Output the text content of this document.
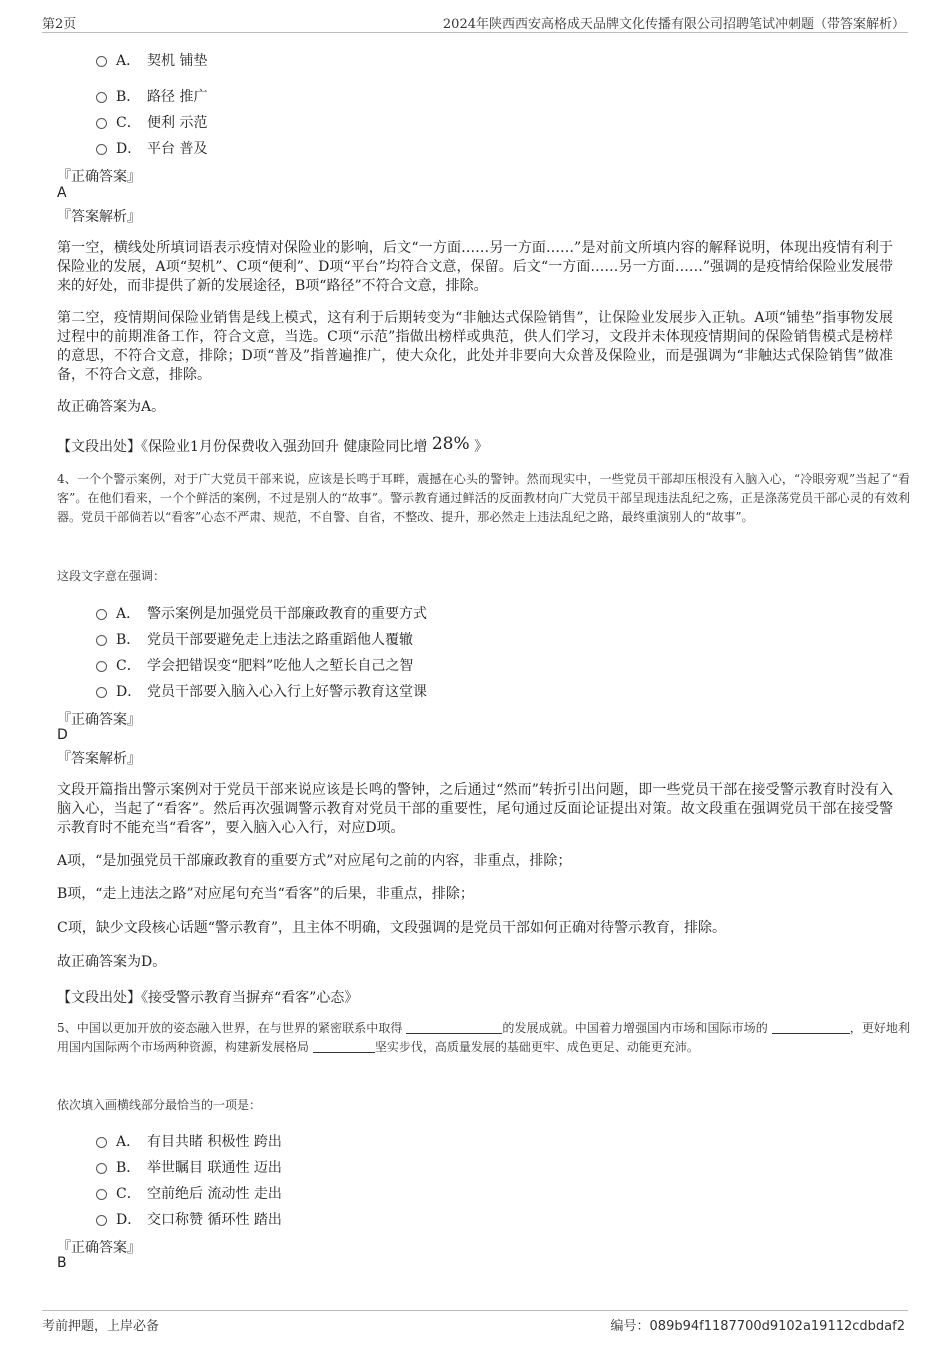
第2页	2024年陕西西安高格成天品牌文化传播有限公司招聘笔试冲刺题（带答案解析）
A． 契机 铺垫
B． 路径 推广
C． 便利 示范
D． 平台 普及
『正确答案』
A
『答案解析』
第一空，横线处所填词语表示疫情对保险业的影响，后文“一方面……另一方面……”是对前文所填内容的解释说明，体现出疫情有利于保险业的发展，A项“契机”、C项“便利”、D项“平台”均符合文意，保留。后文“一方面……另一方面……”强调的是疫情给保险业发展带来的好处，而非提供了新的发展途径，B项“路径”不符合文意，排除。
第二空，疫情期间保险业销售是线上模式，这有利于后期转变为“非触达式保险销售”，让保险业发展步入正轨。A项“铺垫”指事物发展过程中的前期准备工作，符合文意，当选。C项“示范”指做出榜样或典范，供人们学习，文段并未体现疫情期间的保险销售模式是榜样的意思，不符合文意，排除；D项“普及”指普遍推广，使大众化，此处并非要向大众普及保险业，而是强调为“非触达式保险销售”做准备，不符合文意，排除。
故正确答案为A。
【文段出处】《保险业1月份保费收入强劲回升 健康险同比增 28% 》
4、一个个警示案例，对于广大党员干部来说，应该是长鸣于耳畔，震撼在心头的警钟。然而现实中，一些党员干部却压根没有入脑入心，“冷眼旁观”当起了“看客”。在他们看来，一个个鲜活的案例，不过是别人的“故事”。警示教育通过鲜活的反面教材向广大党员干部呈现违法乱纪之殇，正是涤荡党员干部心灵的有效利器。党员干部倘若以“看客”心态不严肃、规范，不自警、自省，不整改、提升，那必然走上违法乱纪之路，最终重演别人的“故事”。
这段文字意在强调：
A． 警示案例是加强党员干部廉政教育的重要方式
B． 党员干部要避免走上违法之路重蹈他人覆辙
C． 学会把错误变“肥料”吃他人之堑长自己之智
D． 党员干部要入脑入心入行上好警示教育这堂课
『正确答案』
D
『答案解析』
文段开篇指出警示案例对于党员干部来说应该是长鸣的警钟，之后通过“然而”转折引出问题，即一些党员干部在接受警示教育时没有入脑入心，当起了“看客”。然后再次强调警示教育对党员干部的重要性，尾句通过反面论证提出对策。故文段重在强调党员干部在接受警示教育时不能充当“看客”，要入脑入心入行，对应D项。
A项，“是加强党员干部廉政教育的重要方式”对应尾句之前的内容，非重点，排除；
B项，“走上违法之路”对应尾句充当“看客”的后果，非重点，排除；
C项，缺少文段核心话题“警示教育”，且主体不明确，文段强调的是党员干部如何正确对待警示教育，排除。
故正确答案为D。
【文段出处】《接受警示教育当摒弃“看客”心态》
5、中国以更加开放的姿态融入世界，在与世界的紧密联系中取得	的发展成就。中国着力增强国内市场和国际市场的	，更好地利用国内国际两个市场两种资源，构建新发展格局	坚实步伐，高质量发展的基础更牢、成色更足、动能更充沛。
依次填入画横线部分最恰当的一项是：
A． 有目共睹 积极性 跨出
B． 举世瞩目 联通性 迈出
C． 空前绝后 流动性 走出
D． 交口称赞 循环性 踏出
『正确答案』
B
考前押题，上岸必备	编号：089b94f1187700d9102a19112cdbdaf2
